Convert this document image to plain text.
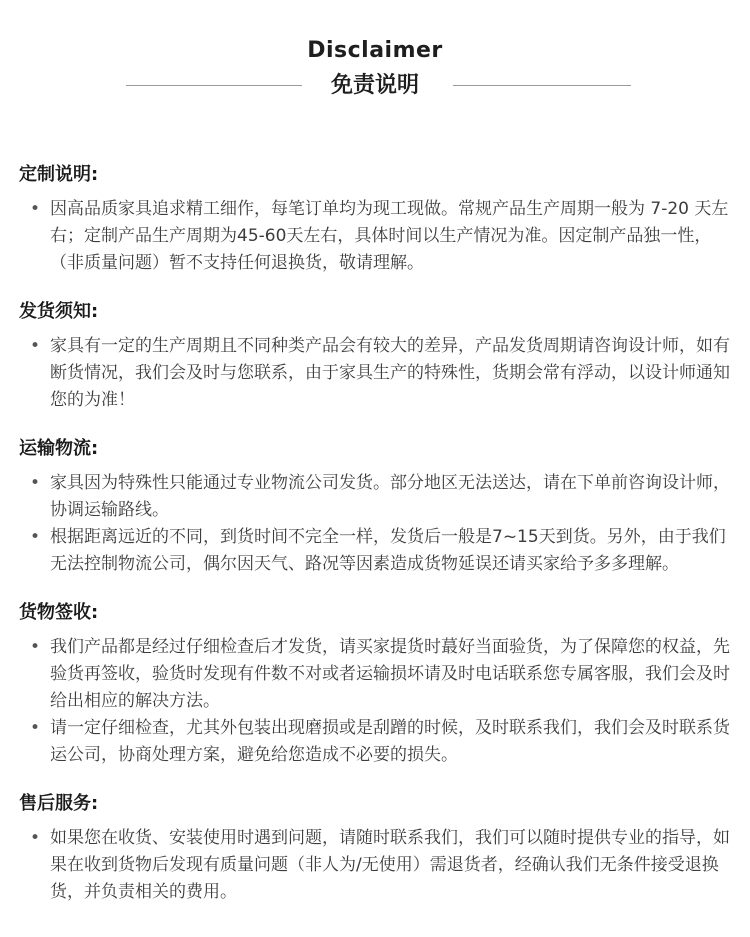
Disclaimer
免责说明
定制说明:
• 因高品质家具追求精工细作，每笔订单均为现工现做。常规产品生产周期一般为 7-20 天左右；定制产品生产周期为45-60天左右，具体时间以生产情况为准。因定制产品独一性，（非质量问题）暂不支持任何退换货，敬请理解。
发货须知:
• 家具有一定的生产周期且不同种类产品会有较大的差异，产品发货周期请咨询设计师，如有断货情况，我们会及时与您联系，由于家具生产的特殊性，货期会常有浮动，以设计师通知您的为准！
运输物流:
• 家具因为特殊性只能通过专业物流公司发货。部分地区无法送达，请在下单前咨询设计师，协调运输路线。
• 根据距离远近的不同，到货时间不完全一样，发货后一般是7~15天到货。另外，由于我们无法控制物流公司，偶尔因天气、路况等因素造成货物延误还请买家给予多多理解。
货物签收:
• 我们产品都是经过仔细检查后才发货，请买家提货时蕞好当面验货，为了保障您的权益，先验货再签收，验货时发现有件数不对或者运输损坏请及时电话联系您专属客服，我们会及时给出相应的解决方法。
• 请一定仔细检查，尤其外包装出现磨损或是刮蹭的时候，及时联系我们，我们会及时联系货运公司，协商处理方案，避免给您造成不必要的损失。
售后服务:
• 如果您在收货、安装使用时遇到问题，请随时联系我们，我们可以随时提供专业的指导，如果在收到货物后发现有质量问题（非人为/无使用）需退货者，经确认我们无条件接受退换货，并负责相关的费用。
